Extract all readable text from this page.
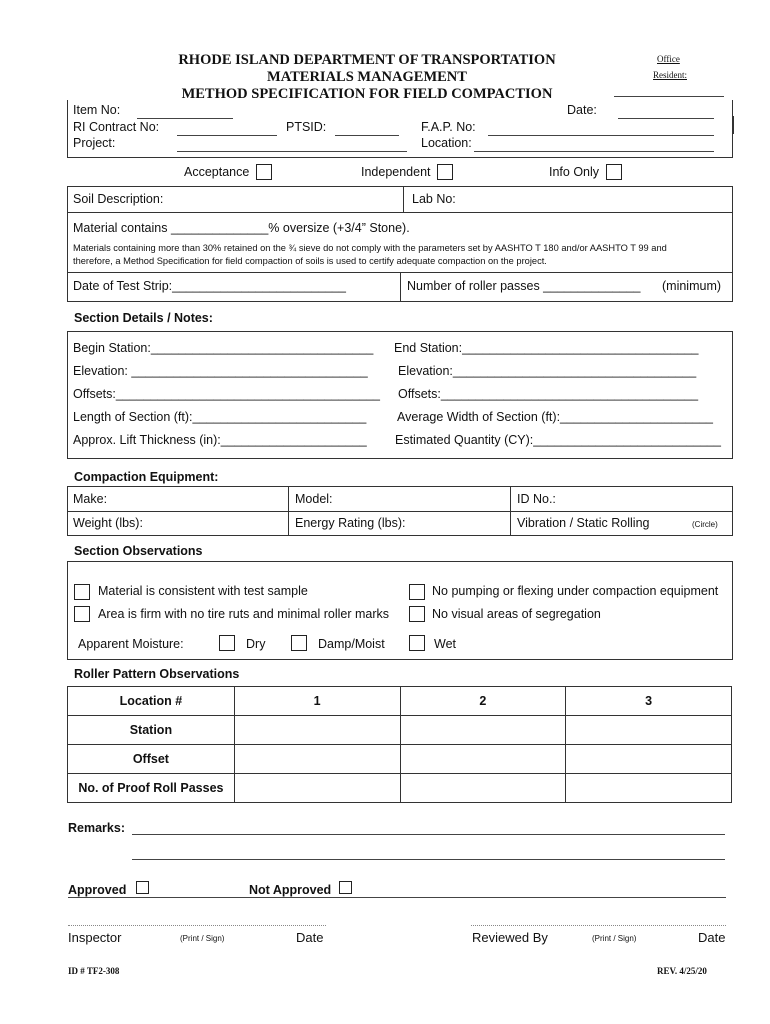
RHODE ISLAND DEPARTMENT OF TRANSPORTATION
MATERIALS MANAGEMENT
METHOD SPECIFICATION FOR FIELD COMPACTION
Office
Resident:
Item No:	Date:
RI Contract No:	PTSID:	F.A.P. No:
Project:	Location:
Acceptance	Independent	Info Only
Soil Description:	Lab No:
Material contains ______________% oversize (+3/4” Stone).
Materials containing more than 30% retained on the ¾ sieve do not comply with the parameters set by AASHTO T 180 and/or AASHTO T 99 and
therefore, a Method Specification for field compaction of soils is used to certify adequate compaction on the project.
Date of Test Strip:_________________________	Number of roller passes ______________ (minimum)
Section Details / Notes:
Begin Station:________________________________ End Station:__________________________________
Elevation: __________________________________ Elevation:___________________________________
Offsets:______________________________________ Offsets:_____________________________________
Length of Section (ft):_________________________ Average Width of Section (ft):______________________
Approx. Lift Thickness (in):_____________________ Estimated Quantity (CY):___________________________
Compaction Equipment:
Make:	Model:	ID No.:
Weight (lbs):	Energy Rating (lbs):	Vibration / Static Rolling	(Circle)
Section Observations
Material is consistent with test sample	No pumping or flexing under compaction equipment
Area is firm with no tire ruts and minimal roller marks	No visual areas of segregation
Apparent Moisture:	Dry	Damp/Moist	Wet
Roller Pattern Observations
Location #	1	2	3
Station			
Offset			
No. of Proof Roll Passes			
Remarks:
Approved	Not Approved
Inspector	(Print / Sign)	Date	Reviewed By	(Print / Sign)	Date
ID # TF2-308	REV. 4/25/20
